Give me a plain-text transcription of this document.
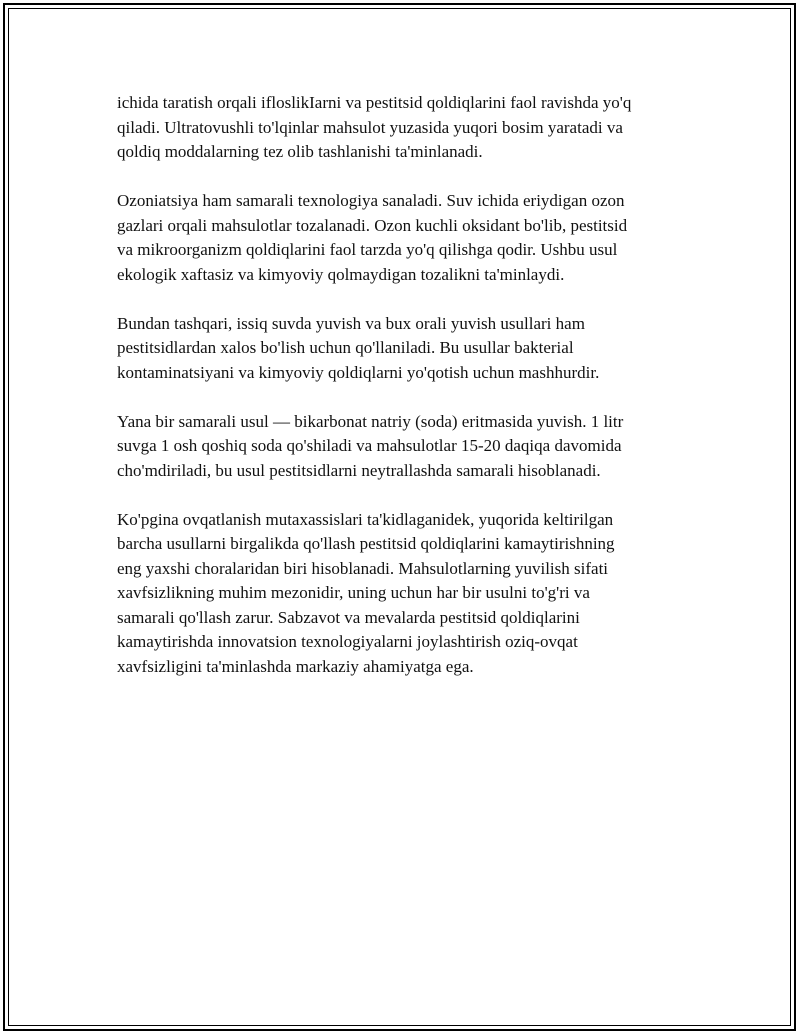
ichida taratish orqali ifloslikIarni va pestitsid qoldiqlarini faol ravishda yo'q
qiladi. Ultratovushli to'lqinlar mahsulot yuzasida yuqori bosim yaratadi va
qoldiq moddalarning tez olib tashlanishi ta'minlanadi.

Ozoniatsiya ham samarali texnologiya sanaladi. Suv ichida eriydigan ozon
gazlari orqali mahsulotlar tozalanadi. Ozon kuchli oksidant bo'lib, pestitsid
va mikroorganizm qoldiqlarini faol tarzda yo'q qilishga qodir. Ushbu usul
ekologik xaftasiz va kimyoviy qolmaydigan tozalikni ta'minlaydi.

Bundan tashqari, issiq suvda yuvish va bux orali yuvish usullari ham
pestitsidlardan xalos bo'lish uchun qo'llaniladi. Bu usullar bakterial
kontaminatsiyani va kimyoviy qoldiqlarni yo'qotish uchun mashhurdir.

Yana bir samarali usul — bikarbonat natriy (soda) eritmasida yuvish. 1 litr
suvga 1 osh qoshiq soda qo'shiladi va mahsulotlar 15-20 daqiqa davomida
cho'mdiriladi, bu usul pestitsidlarni neytrallashda samarali hisoblanadi.

Ko'pgina ovqatlanish mutaxassislari ta'kidlaganidek, yuqorida keltirilgan
barcha usullarni birgalikda qo'llash pestitsid qoldiqlarini kamaytirishning
eng yaxshi choralaridan biri hisoblanadi. Mahsulotlarning yuvilish sifati
xavfsizlikning muhim mezonidir, uning uchun har bir usulni to'g'ri va
samarali qo'llash zarur. Sabzavot va mevalarda pestitsid qoldiqlarini
kamaytirishda innovatsion texnologiyalarni joylashtirish oziq-ovqat
xavfsizligini ta'minlashda markaziy ahamiyatga ega.
